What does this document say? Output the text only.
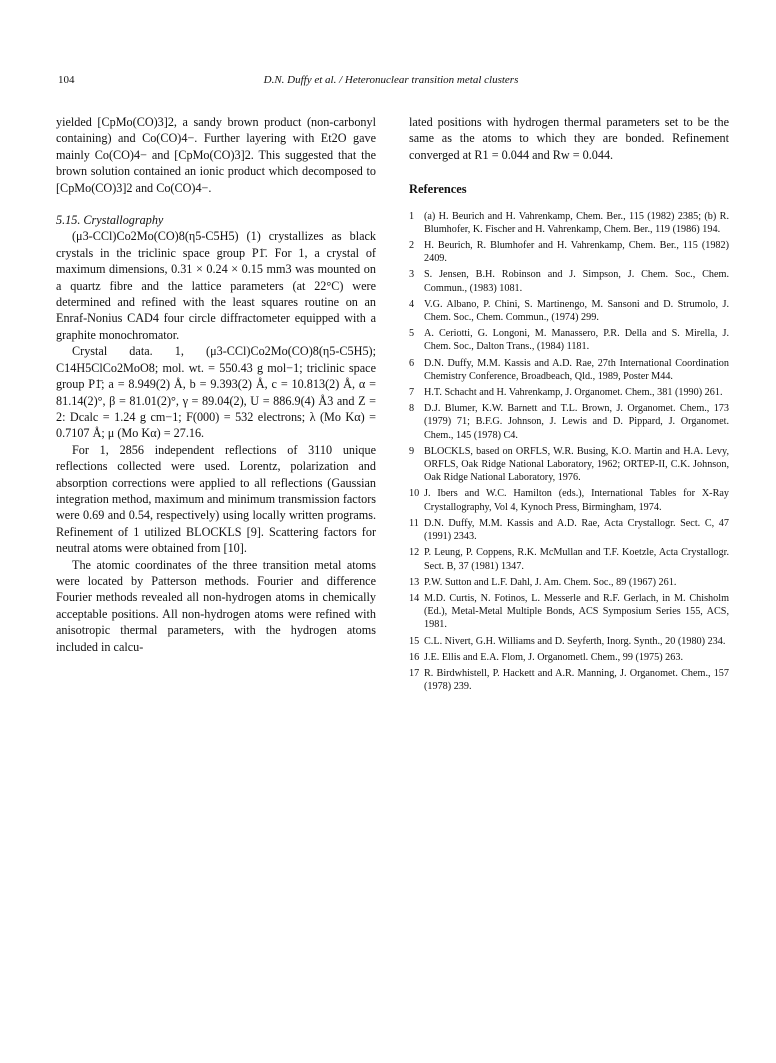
104	D.N. Duffy et al. / Heteronuclear transition metal clusters

yielded [CpMo(CO)3]2, a sandy brown product (non-carbonyl containing) and Co(CO)4−. Further layering with Et2O gave mainly Co(CO)4− and [CpMo(CO)3]2. This suggested that the brown solution contained an ionic product which decomposed to [CpMo(CO)3]2 and Co(CO)4−.

5.15. Crystallography

(μ3-CCl)Co2Mo(CO)8(η5-C5H5) (1) crystallizes as black crystals in the triclinic space group P1̄. For 1, a crystal of maximum dimensions, 0.31 × 0.24 × 0.15 mm3 was mounted on a quartz fibre and the lattice parameters (at 22°C) were determined and refined with the least squares routine on an Enraf-Nonius CAD4 four circle diffractometer equipped with a graphite monochromator.

Crystal data. 1, (μ3-CCl)Co2Mo(CO)8(η5-C5H5); C14H5ClCo2MoO8; mol. wt. = 550.43 g mol−1; triclinic space group P1̄; a = 8.949(2) Å, b = 9.393(2) Å, c = 10.813(2) Å, α = 81.14(2)°, β = 81.01(2)°, γ = 89.04(2), U = 886.9(4) Å3 and Z = 2: Dcalc = 1.24 g cm−1; F(000) = 532 electrons; λ (Mo Kα) = 0.7107 Å; μ (Mo Kα) = 27.16.

For 1, 2856 independent reflections of 3110 unique reflections collected were used. Lorentz, polarization and absorption corrections were applied to all reflections (Gaussian integration method, maximum and minimum transmission factors were 0.69 and 0.54, respectively) using locally written programs. Refinement of 1 utilized BLOCKLS [9]. Scattering factors for neutral atoms were obtained from [10].

The atomic coordinates of the three transition metal atoms were located by Patterson methods. Fourier and difference Fourier methods revealed all non-hydrogen atoms in chemically acceptable positions. All non-hydrogen atoms were refined with anisotropic thermal parameters, with the hydrogen atoms included in calcu-

lated positions with hydrogen thermal parameters set to be the same as the atoms to which they are bonded. Refinement converged at R1 = 0.044 and Rw = 0.044.

References

1 (a) H. Beurich and H. Vahrenkamp, Chem. Ber., 115 (1982) 2385; (b) R. Blumhofer, K. Fischer and H. Vahrenkamp, Chem. Ber., 119 (1986) 194.
2 H. Beurich, R. Blumhofer and H. Vahrenkamp, Chem. Ber., 115 (1982) 2409.
3 S. Jensen, B.H. Robinson and J. Simpson, J. Chem. Soc., Chem. Commun., (1983) 1081.
4 V.G. Albano, P. Chini, S. Martinengo, M. Sansoni and D. Strumolo, J. Chem. Soc., Chem. Commun., (1974) 299.
5 A. Ceriotti, G. Longoni, M. Manassero, P.R. Della and S. Mirella, J. Chem. Soc., Dalton Trans., (1984) 1181.
6 D.N. Duffy, M.M. Kassis and A.D. Rae, 27th International Coordination Chemistry Conference, Broadbeach, Qld., 1989, Poster M44.
7 H.T. Schacht and H. Vahrenkamp, J. Organomet. Chem., 381 (1990) 261.
8 D.J. Blumer, K.W. Barnett and T.L. Brown, J. Organomet. Chem., 173 (1979) 71; B.F.G. Johnson, J. Lewis and D. Pippard, J. Organomet. Chem., 145 (1978) C4.
9 BLOCKLS, based on ORFLS, W.R. Busing, K.O. Martin and H.A. Levy, ORFLS, Oak Ridge National Laboratory, 1962; ORTEP-II, C.K. Johnson, Oak Ridge National Laboratory, 1976.
10 J. Ibers and W.C. Hamilton (eds.), International Tables for X-Ray Crystallography, Vol 4, Kynoch Press, Birmingham, 1974.
11 D.N. Duffy, M.M. Kassis and A.D. Rae, Acta Crystallogr. Sect. C, 47 (1991) 2343.
12 P. Leung, P. Coppens, R.K. McMullan and T.F. Koetzle, Acta Crystallogr. Sect. B, 37 (1981) 1347.
13 P.W. Sutton and L.F. Dahl, J. Am. Chem. Soc., 89 (1967) 261.
14 M.D. Curtis, N. Fotinos, L. Messerle and R.F. Gerlach, in M. Chisholm (Ed.), Metal-Metal Multiple Bonds, ACS Symposium Series 155, ACS, 1981.
15 C.L. Nivert, G.H. Williams and D. Seyferth, Inorg. Synth., 20 (1980) 234.
16 J.E. Ellis and E.A. Flom, J. Organometl. Chem., 99 (1975) 263.
17 R. Birdwhistell, P. Hackett and A.R. Manning, J. Organomet. Chem., 157 (1978) 239.
